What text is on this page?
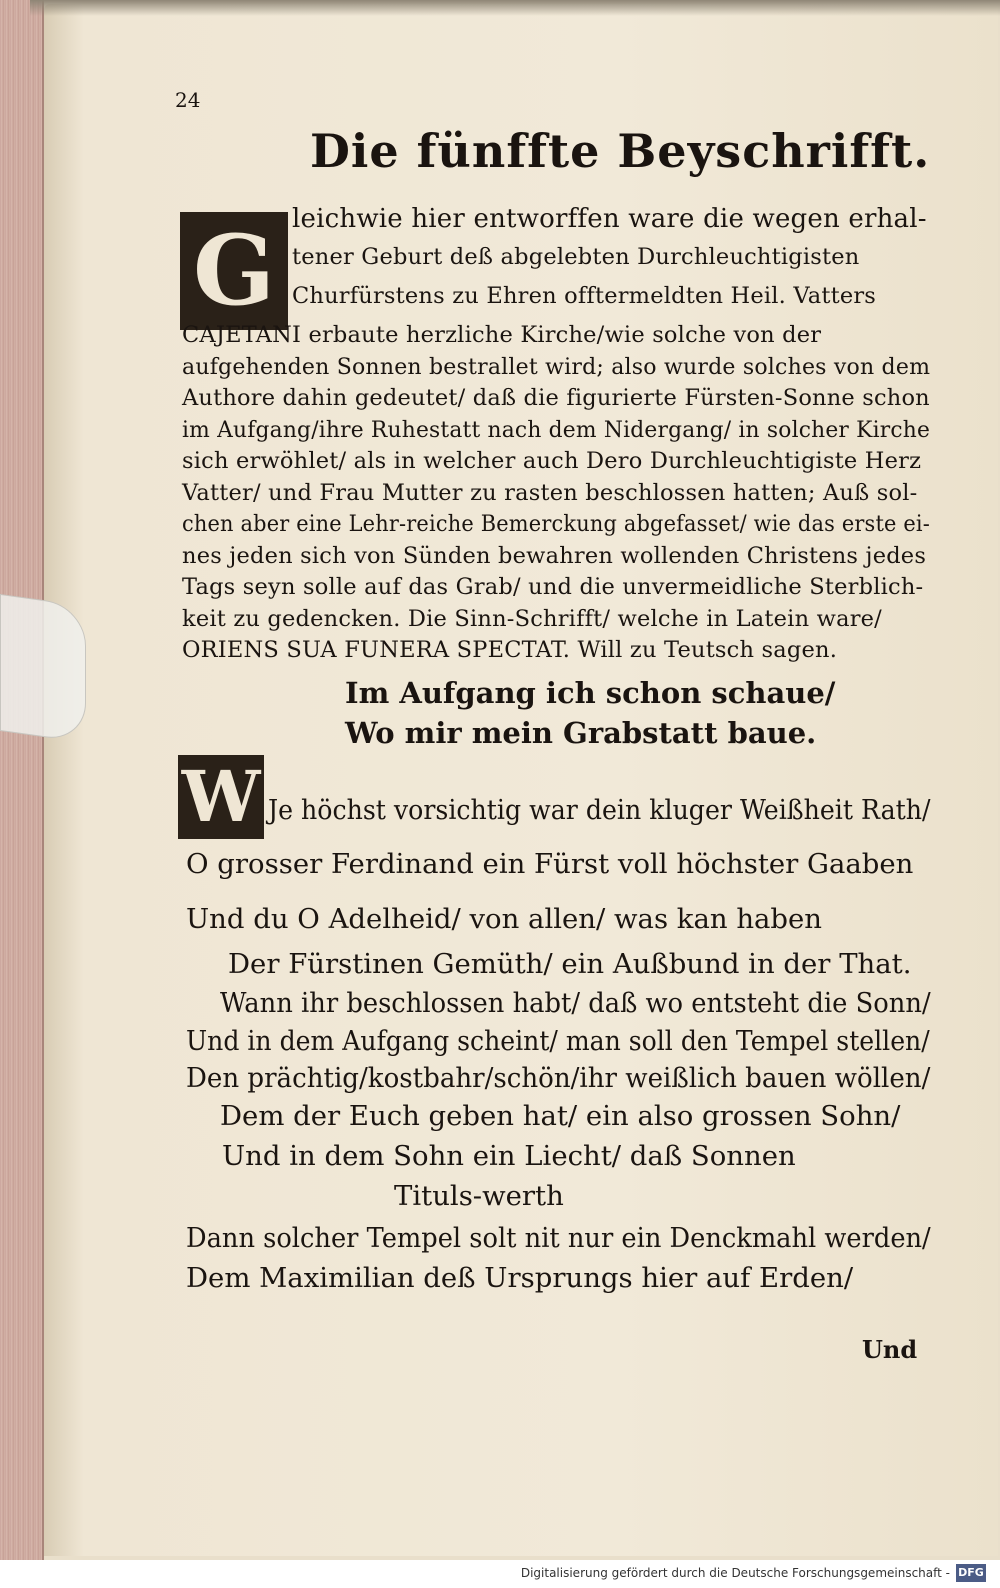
24
Die fünffte Beyschrifft.
G leichwie hier entworffen ware die wegen erhal-
tener Geburt deß abgelebten Durchleuchtigisten
Churfürstens zu Ehren offtermeldten Heil. Vatters
CAJETANI erbaute herzliche Kirche/wie solche von der
aufgehenden Sonnen bestrallet wird; also wurde solches von dem
Authore dahin gedeutet/ daß die figurierte Fürsten-Sonne schon
im Aufgang/ihre Ruhestatt nach dem Nidergang/ in solcher Kirche
sich erwöhlet/ als in welcher auch Dero Durchleuchtigiste Herz
Vatter/ und Frau Mutter zu rasten beschlossen hatten; Auß sol-
chen aber eine Lehr-reiche Bemerckung abgefasset/ wie das erste ei-
nes jeden sich von Sünden bewahren wollenden Christens jedes
Tags seyn solle auf das Grab/ und die unvermeidliche Sterblich-
keit zu gedencken. Die Sinn-Schrifft/ welche in Latein ware/
ORIENS SUA FUNERA SPECTAT. Will zu Teutsch sagen.
Im Aufgang ich schon schaue/
Wo mir mein Grabstatt baue.
W Je höchst vorsichtig war dein kluger Weißheit Rath/
O grosser Ferdinand ein Fürst voll höchster Gaaben
Und du O Adelheid/ von allen/ was kan haben
Der Fürstinen Gemüth/ ein Außbund in der That.
Wann ihr beschlossen habt/ daß wo entsteht die Sonn/
Und in dem Aufgang scheint/ man soll den Tempel stellen/
Den prächtig/kostbahr/schön/ihr weißlich bauen wöllen/
Dem der Euch geben hat/ ein also grossen Sohn/
Und in dem Sohn ein Liecht/ daß Sonnen
Tituls-werth
Dann solcher Tempel solt nit nur ein Denckmahl werden/
Dem Maximilian deß Ursprungs hier auf Erden/
Und
Digitalisierung gefördert durch die Deutsche Forschungsgemeinschaft - DFG
